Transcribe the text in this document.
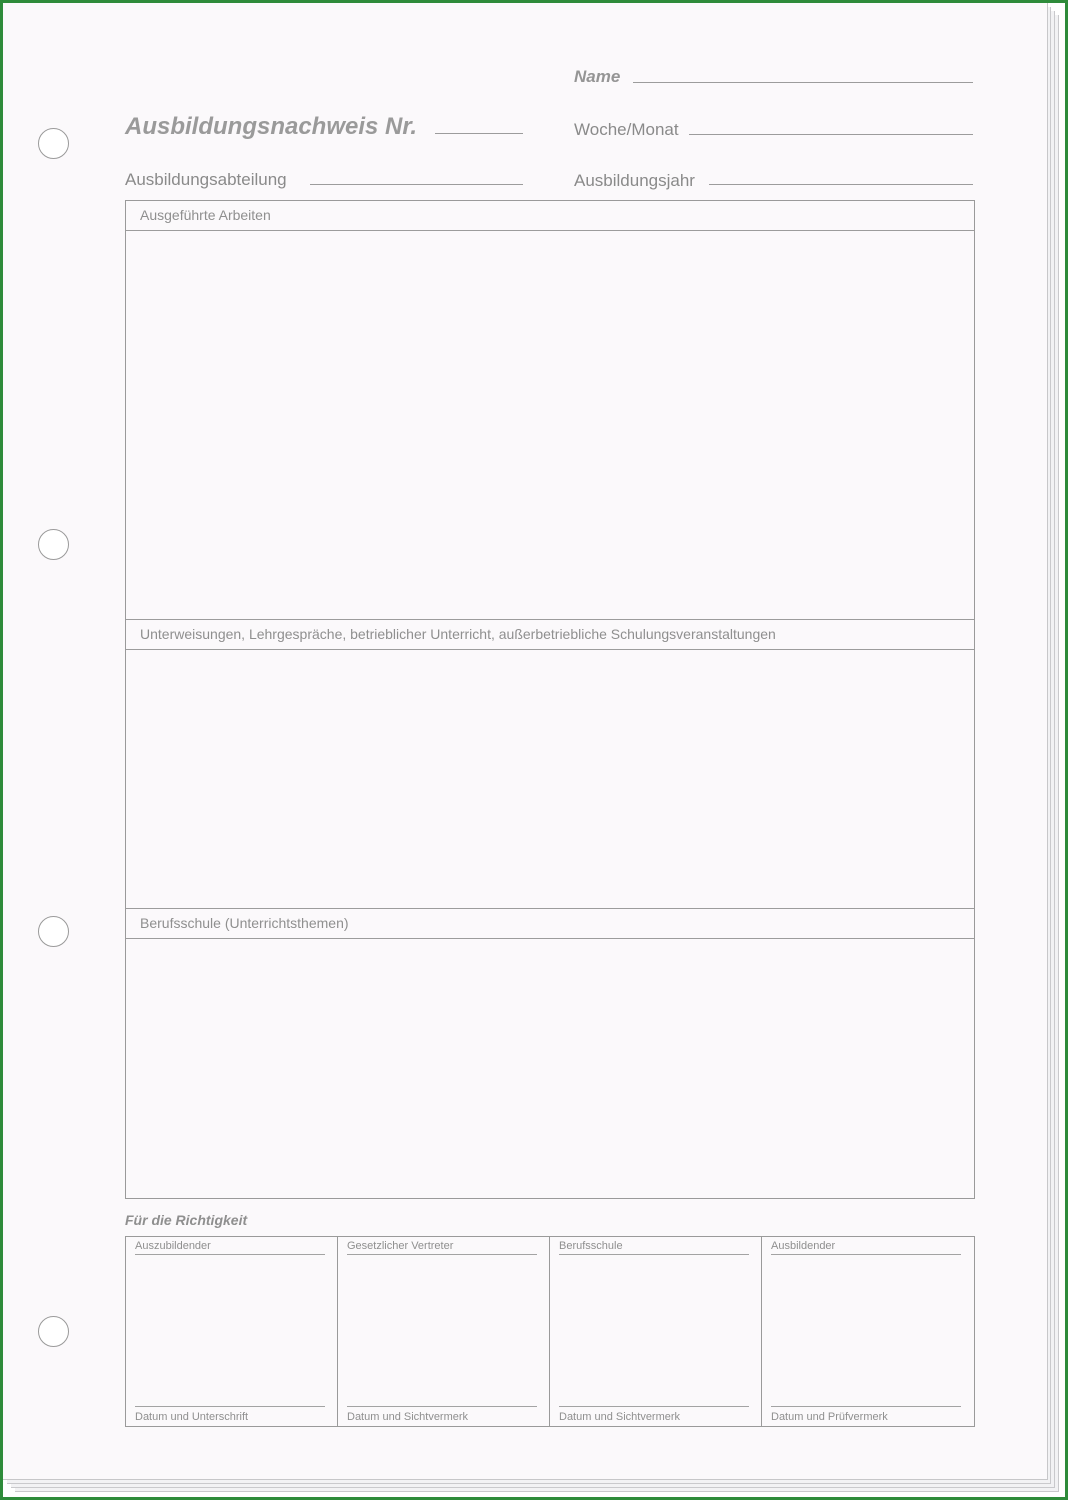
Name
Ausbildungsnachweis Nr.	Woche/Monat
Ausbildungsabteilung	Ausbildungsjahr
Ausgeführte Arbeiten
Unterweisungen, Lehrgespräche, betrieblicher Unterricht, außerbetriebliche Schulungsveranstaltungen
Berufsschule (Unterrichtsthemen)
Für die Richtigkeit
Auszubildender
Datum und Unterschrift
Gesetzlicher Vertreter
Datum und Sichtvermerk
Berufsschule
Datum und Sichtvermerk
Ausbildender
Datum und Prüfvermerk
